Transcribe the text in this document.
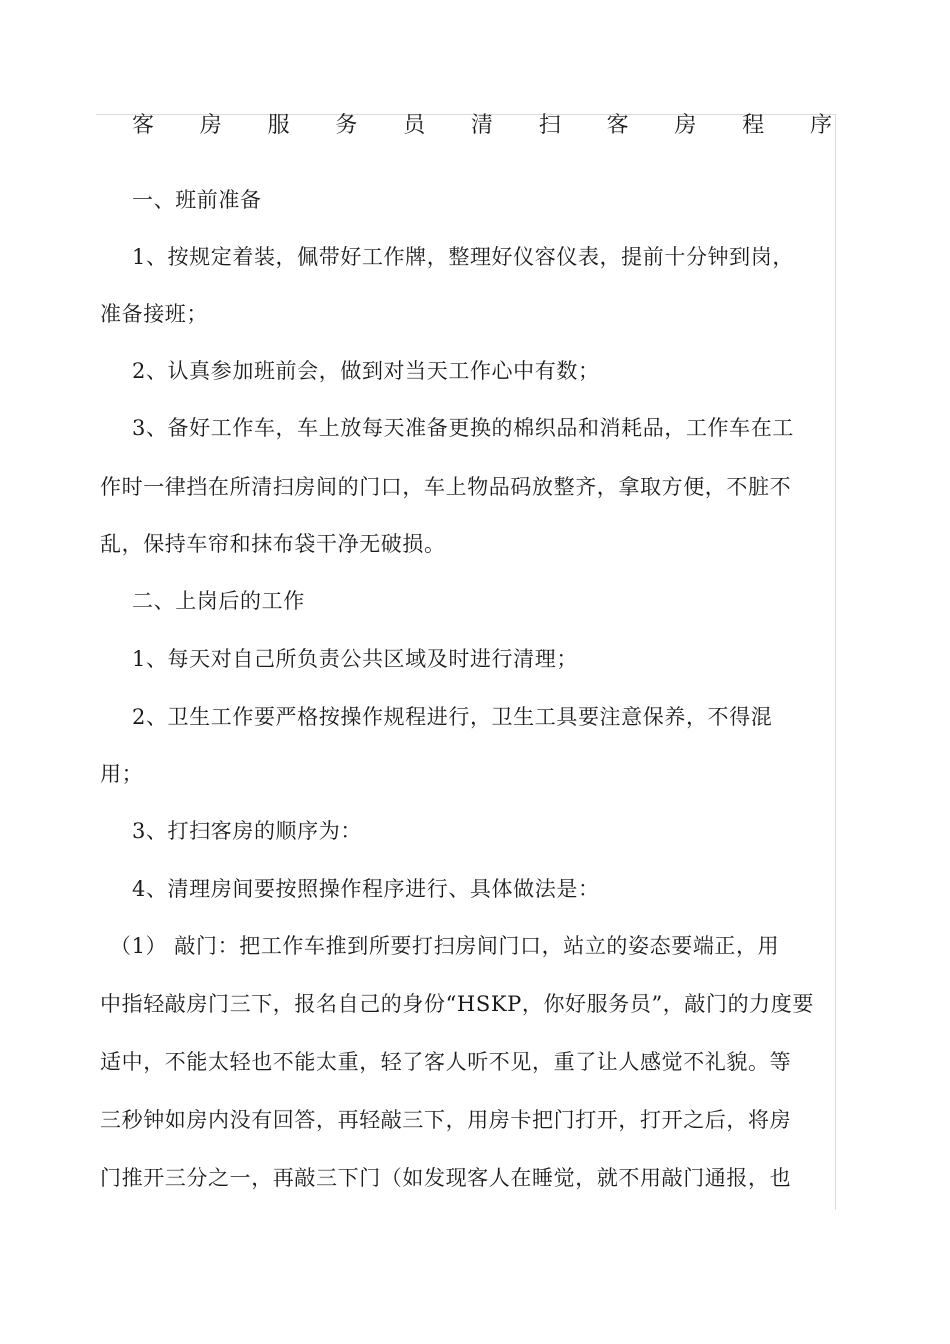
客 房 服 务 员 清 扫 客 房 程 序

一、班前准备

1、按规定着装，佩带好工作牌，整理好仪容仪表，提前十分钟到岗，

准备接班；

2、认真参加班前会，做到对当天工作心中有数；

3、备好工作车，车上放每天准备更换的棉织品和消耗品，工作车在工

作时一律挡在所清扫房间的门口，车上物品码放整齐，拿取方便，不脏不

乱，保持车帘和抹布袋干净无破损。

二、上岗后的工作

1、每天对自己所负责公共区域及时进行清理；

2、卫生工作要严格按操作规程进行，卫生工具要注意保养，不得混

用；

3、打扫客房的顺序为：

4、清理房间要按照操作程序进行、具体做法是：

（1） 敲门：把工作车推到所要打扫房间门口，站立的姿态要端正，用

中指轻敲房门三下，报名自己的身份“HSKP，你好服务员”，敲门的力度要

适中，不能太轻也不能太重，轻了客人听不见，重了让人感觉不礼貌。等

三秒钟如房内没有回答，再轻敲三下，用房卡把门打开，打开之后，将房

门推开三分之一，再敲三下门（如发现客人在睡觉，就不用敲门通报，也
